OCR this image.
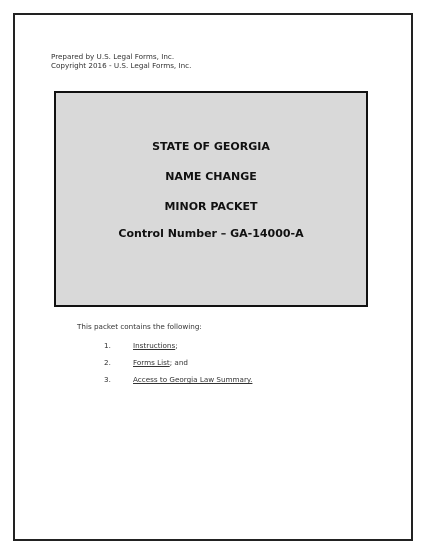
Prepared by U.S. Legal Forms, Inc.
Copyright 2016 - U.S. Legal Forms, Inc.
STATE OF GEORGIA
NAME CHANGE
MINOR PACKET
Control Number – GA-14000-A
This packet contains the following:
1.	Instructions;
2.	Forms List; and
3.	Access to Georgia Law Summary.
